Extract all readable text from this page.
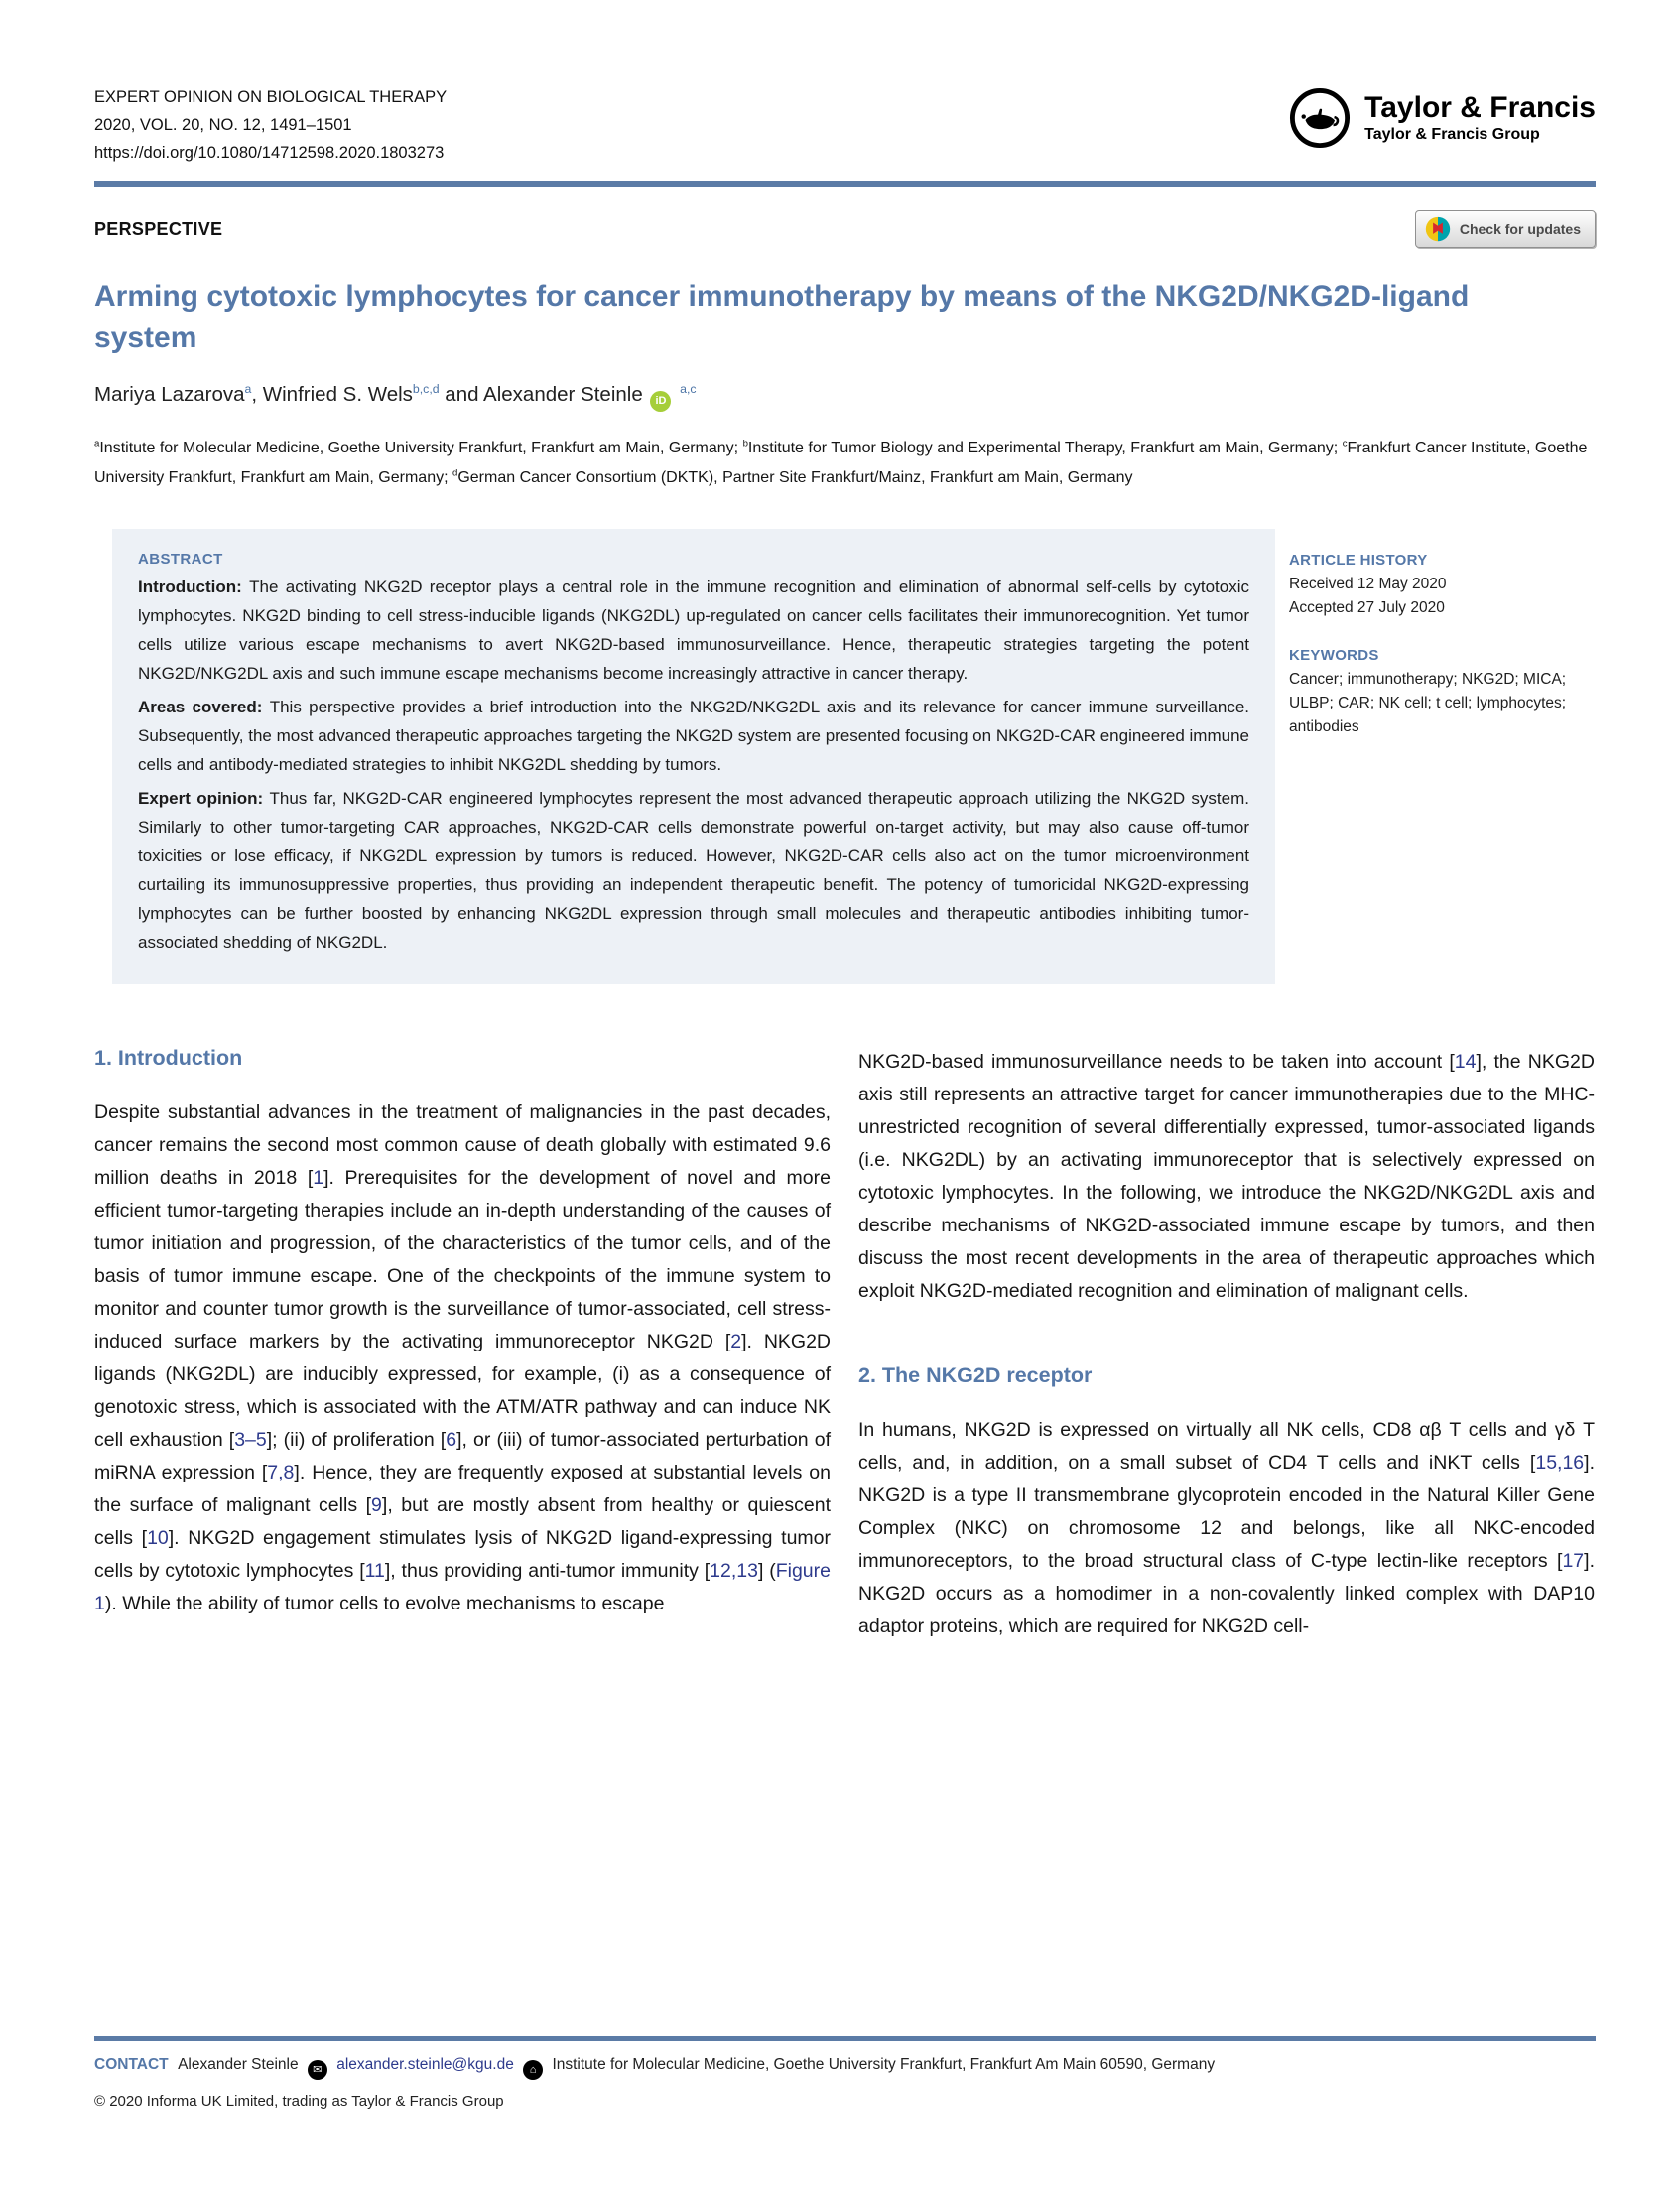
EXPERT OPINION ON BIOLOGICAL THERAPY
2020, VOL. 20, NO. 12, 1491–1501
https://doi.org/10.1080/14712598.2020.1803273
Taylor & Francis
Taylor & Francis Group
PERSPECTIVE	Check for updates
Arming cytotoxic lymphocytes for cancer immunotherapy by means of the NKG2D/NKG2D-ligand system
Mariya Lazarova$^a$, Winfried S. Wels$^{b,c,d}$ and Alexander Steinle iD $^{a,c}$
$^a$Institute for Molecular Medicine, Goethe University Frankfurt, Frankfurt am Main, Germany; $^b$Institute for Tumor Biology and Experimental Therapy, Frankfurt am Main, Germany; $^c$Frankfurt Cancer Institute, Goethe University Frankfurt, Frankfurt am Main, Germany; $^d$German Cancer Consortium (DKTK), Partner Site Frankfurt/Mainz, Frankfurt am Main, Germany
ABSTRACT

Introduction: The activating NKG2D receptor plays a central role in the immune recognition and elimination of abnormal self-cells by cytotoxic lymphocytes. NKG2D binding to cell stress-inducible ligands (NKG2DL) up-regulated on cancer cells facilitates their immunorecognition. Yet tumor cells utilize various escape mechanisms to avert NKG2D-based immunosurveillance. Hence, therapeutic strategies targeting the potent NKG2D/NKG2DL axis and such immune escape mechanisms become increasingly attractive in cancer therapy.

Areas covered: This perspective provides a brief introduction into the NKG2D/NKG2DL axis and its relevance for cancer immune surveillance. Subsequently, the most advanced therapeutic approaches targeting the NKG2D system are presented focusing on NKG2D-CAR engineered immune cells and antibody-mediated strategies to inhibit NKG2DL shedding by tumors.

Expert opinion: Thus far, NKG2D-CAR engineered lymphocytes represent the most advanced therapeutic approach utilizing the NKG2D system. Similarly to other tumor-targeting CAR approaches, NKG2D-CAR cells demonstrate powerful on-target activity, but may also cause off-tumor toxicities or lose efficacy, if NKG2DL expression by tumors is reduced. However, NKG2D-CAR cells also act on the tumor microenvironment curtailing its immunosuppressive properties, thus providing an independent therapeutic benefit. The potency of tumoricidal NKG2D-expressing lymphocytes can be further boosted by enhancing NKG2DL expression through small molecules and therapeutic antibodies inhibiting tumor-associated shedding of NKG2DL.

ARTICLE HISTORY
Received 12 May 2020
Accepted 27 July 2020
KEYWORDS
Cancer; immunotherapy; NKG2D; MICA; ULBP; CAR; NK cell; t cell; lymphocytes; antibodies
1. Introduction

Despite substantial advances in the treatment of malignancies in the past decades, cancer remains the second most common cause of death globally with estimated 9.6 million deaths in 2018 [1]. Prerequisites for the development of novel and more efficient tumor-targeting therapies include an in-depth understanding of the causes of tumor initiation and progression, of the characteristics of the tumor cells, and of the basis of tumor immune escape. One of the checkpoints of the immune system to monitor and counter tumor growth is the surveillance of tumor-associated, cell stress-induced surface markers by the activating immunoreceptor NKG2D [2]. NKG2D ligands (NKG2DL) are inducibly expressed, for example, (i) as a consequence of genotoxic stress, which is associated with the ATM/ATR pathway and can induce NK cell exhaustion [3–5]; (ii) of proliferation [6], or (iii) of tumor-associated perturbation of miRNA expression [7,8]. Hence, they are frequently exposed at substantial levels on the surface of malignant cells [9], but are mostly absent from healthy or quiescent cells [10]. NKG2D engagement stimulates lysis of NKG2D ligand-expressing tumor cells by cytotoxic lymphocytes [11], thus providing anti-tumor immunity [12,13] (Figure 1). While the ability of tumor cells to evolve mechanisms to escape

NKG2D-based immunosurveillance needs to be taken into account [14], the NKG2D axis still represents an attractive target for cancer immunotherapies due to the MHC-unrestricted recognition of several differentially expressed, tumor-associated ligands (i.e. NKG2DL) by an activating immunoreceptor that is selectively expressed on cytotoxic lymphocytes. In the following, we introduce the NKG2D/NKG2DL axis and describe mechanisms of NKG2D-associated immune escape by tumors, and then discuss the most recent developments in the area of therapeutic approaches which exploit NKG2D-mediated recognition and elimination of malignant cells.

2. The NKG2D receptor

In humans, NKG2D is expressed on virtually all NK cells, CD8 αβ T cells and γδ T cells, and, in addition, on a small subset of CD4 T cells and iNKT cells [15,16]. NKG2D is a type II transmembrane glycoprotein encoded in the Natural Killer Gene Complex (NKC) on chromosome 12 and belongs, like all NKC-encoded immunoreceptors, to the broad structural class of C-type lectin-like receptors [17]. NKG2D occurs as a homodimer in a non-covalently linked complex with DAP10 adaptor proteins, which are required for NKG2D cell-

CONTACT Alexander Steinle ✉ alexander.steinle@kgu.de ⌂ Institute for Molecular Medicine, Goethe University Frankfurt, Frankfurt Am Main 60590, Germany
© 2020 Informa UK Limited, trading as Taylor & Francis Group
